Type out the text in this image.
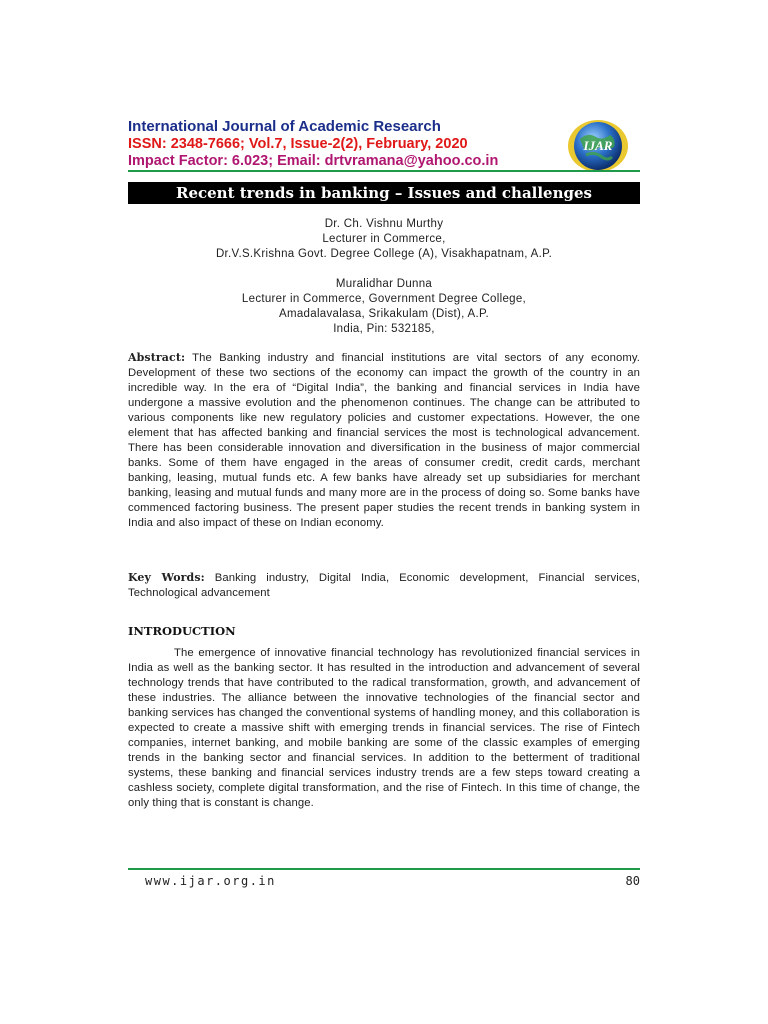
International Journal of Academic Research
ISSN: 2348-7666; Vol.7, Issue-2(2), February, 2020
Impact Factor: 6.023; Email: drtvramana@yahoo.co.in
IJAR
Recent trends in banking – Issues and challenges
Dr. Ch. Vishnu Murthy
Lecturer in Commerce,
Dr.V.S.Krishna Govt. Degree College (A), Visakhapatnam, A.P.
Muralidhar Dunna
Lecturer in Commerce, Government Degree College,
Amadalavalasa, Srikakulam (Dist), A.P.
India, Pin: 532185,
Abstract: The Banking industry and financial institutions are vital sectors of any economy. Development of these two sections of the economy can impact the growth of the country in an incredible way. In the era of “Digital India”, the banking and financial services in India have undergone a massive evolution and the phenomenon continues. The change can be attributed to various components like new regulatory policies and customer expectations. However, the one element that has affected banking and financial services the most is technological advancement. There has been considerable innovation and diversification in the business of major commercial banks. Some of them have engaged in the areas of consumer credit, credit cards, merchant banking, leasing, mutual funds etc. A few banks have already set up subsidiaries for merchant banking, leasing and mutual funds and many more are in the process of doing so. Some banks have commenced factoring business. The present paper studies the recent trends in banking system in India and also impact of these on Indian economy.
Key Words: Banking industry, Digital India, Economic development, Financial services, Technological advancement
INTRODUCTION

The emergence of innovative financial technology has revolutionized financial services in India as well as the banking sector. It has resulted in the introduction and advancement of several technology trends that have contributed to the radical transformation, growth, and advancement of these industries. The alliance between the innovative technologies of the financial sector and banking services has changed the conventional systems of handling money, and this collaboration is expected to create a massive shift with emerging trends in financial services. The rise of Fintech companies, internet banking, and mobile banking are some of the classic examples of emerging trends in the banking sector and financial services. In addition to the betterment of traditional systems, these banking and financial services industry trends are a few steps toward creating a cashless society, complete digital transformation, and the rise of Fintech. In this time of change, the only thing that is constant is change.

www.ijar.org.in	80
